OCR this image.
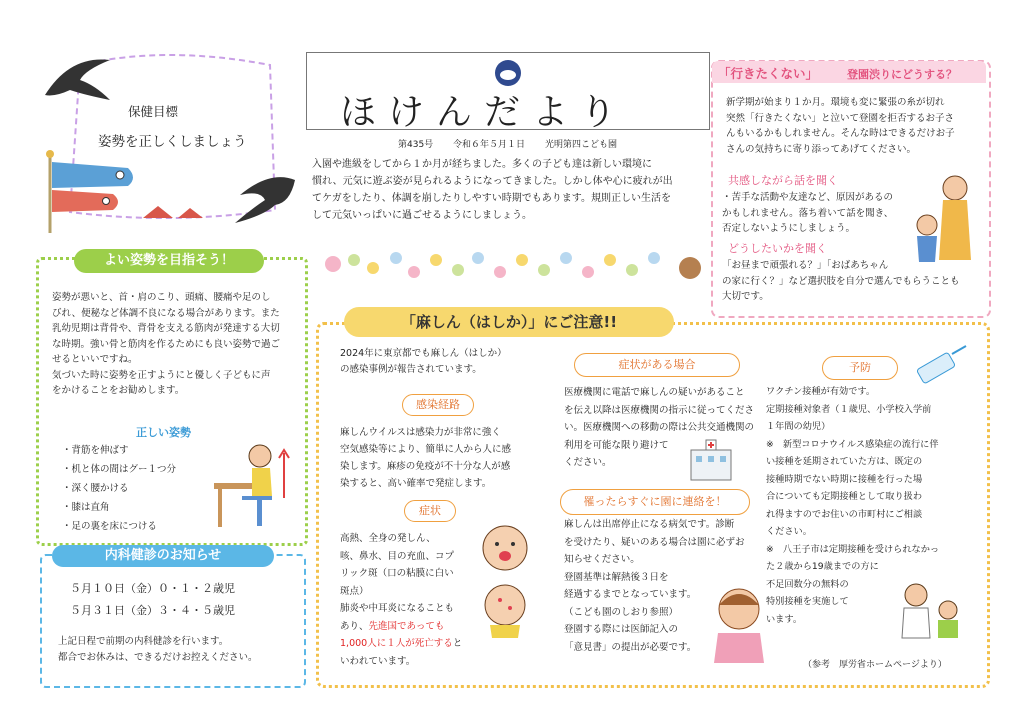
保健目標
姿勢を正しくしましょう
ほけんだより
第435号 令和６年５月１日 光明第四こども園
入園や進級をしてから１か月が経ちました。多くの子ども達は新しい環境に
慣れ、元気に遊ぶ姿が見られるようになってきました。しかし体や心に疲れが出
てケガをしたり、体調を崩したりしやすい時期でもあります。規則正しい生活を
して元気いっぱいに過ごせるようにしましょう。
「行きたくない」	登園渋りにどうする？
新学期が始まり１か月。環境も変に緊張の糸が切れ
突然「行きたくない」と泣いて登園を拒否するお子さ
んもいるかもしれません。そんな時はできるだけお子
さんの気持ちに寄り添ってあげてください。
共感しながら話を聞く
・苦手な活動や友達など、原因があるの
かもしれません。落ち着いて話を聞き、
否定しないようにしましょう。
どうしたいかを聞く
「お昼まで頑張れる？」「おばあちゃん
の家に行く？」など選択肢を自分で選んでもらうことも
大切です。
よい姿勢を目指そう！
姿勢が悪いと、首・肩のこり、頭痛、腰痛や足のし
びれ、便秘など体調不良になる場合があります。また
乳幼児期は背骨や、背骨を支える筋肉が発達する大切
な時期。強い骨と筋肉を作るためにも良い姿勢で過ご
せるといいですね。
気づいた時に姿勢を正すようにと優しく子どもに声
をかけることをお勧めします。
正しい姿勢
・ 背筋を伸ばす
・ 机と体の間はグー１つ分
・ 深く腰かける
・ 膝は直角
・ 足の裏を床につける
内科健診のお知らせ
５月１０日（金）０・１・２歳児
５月３１日（金）３・４・５歳児
上記日程で前期の内科健診を行います。
都合でお休みは、できるだけお控えください。
「麻しん（はしか）」にご注意!!
2024年に東京都でも麻しん（はしか）
の感染事例が報告されています。
感染経路
麻しんウイルスは感染力が非常に強く
空気感染等により、簡単に人から人に感
染します。麻疹の免疫が不十分な人が感
染すると、高い確率で発症します。
症状
高熱、全身の発しん、
咳、鼻水、目の充血、コプ
リック斑（口の粘膜に白い
斑点）
肺炎や中耳炎になることも
あり、先進国であっても
1,000人に１人が死亡すると
いわれています。
症状がある場合
医療機関に電話で麻しんの疑いがあること
を伝え以降は医療機関の指示に従ってくださ
い。医療機関への移動の際は公共交通機関の
利用を可能な限り避けて
ください。
罹ったらすぐに園に連絡を！
麻しんは出席停止になる病気です。診断
を受けたり、疑いのある場合は園に必ずお
知らせください。
登園基準は解熱後３日を
経過するまでとなっています。
（こども園のしおり参照）
登園する際には医師記入の
「意見書」の提出が必要です。
予防
ワクチン接種が有効です。
定期接種対象者（１歳児、小学校入学前
１年間の幼児）
※　新型コロナウイルス感染症の流行に伴
い接種を延期されていた方は、既定の
接種時期でない時期に接種を行った場
合についても定期接種として取り扱わ
れ得ますのでお住いの市町村にご相談
ください。
※　八王子市は定期接種を受けられなかっ
た２歳から19歳までの方に
不足回数分の無料の
特別接種を実施して
います。
（参考　厚労省ホームページより）
